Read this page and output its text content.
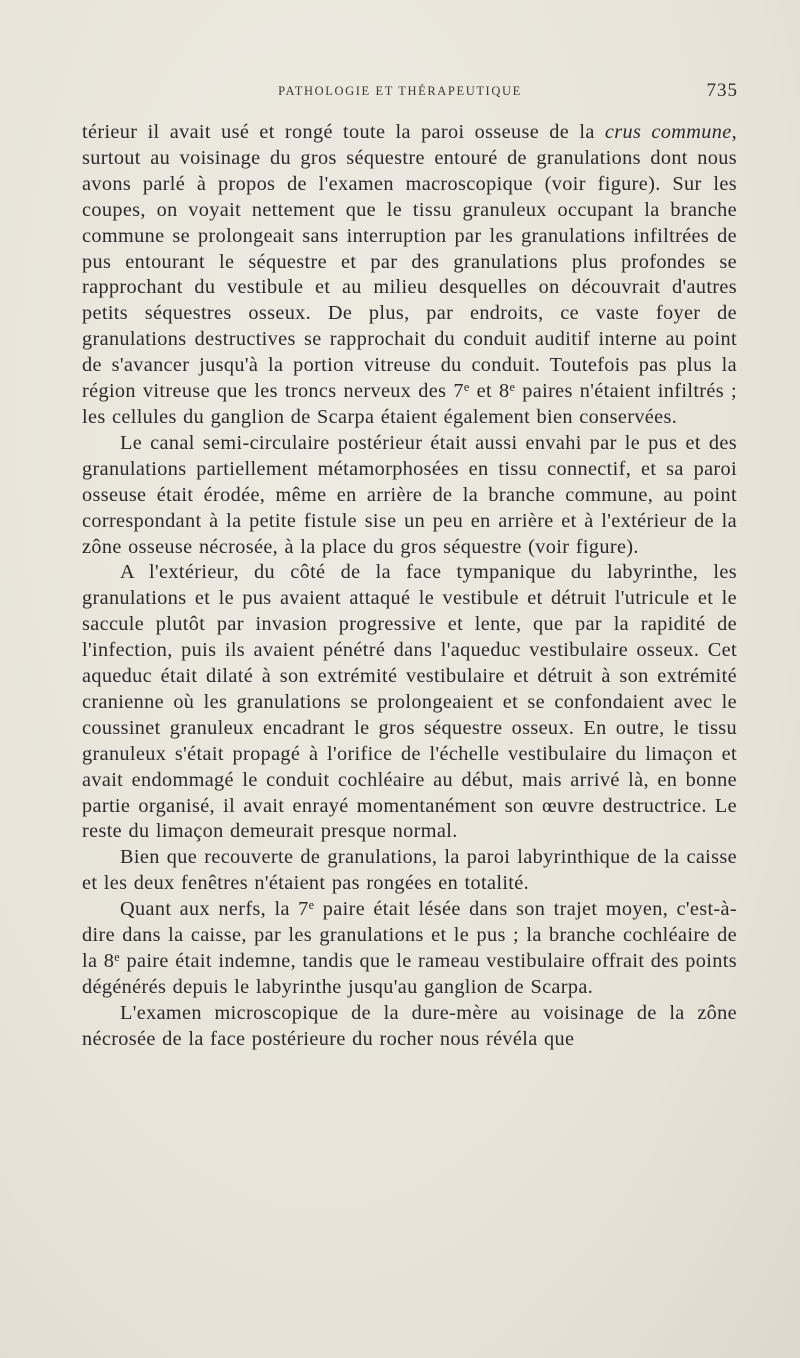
PATHOLOGIE ET THÉRAPEUTIQUE	735

térieur il avait usé et rongé toute la paroi osseuse de la crus commune, surtout au voisinage du gros séquestre entouré de granulations dont nous avons parlé à propos de l'examen macroscopique (voir figure). Sur les coupes, on voyait nettement que le tissu granuleux occupant la branche commune se prolongeait sans interruption par les granulations infiltrées de pus entourant le séquestre et par des granulations plus profondes se rapprochant du vestibule et au milieu desquelles on découvrait d'autres petits séquestres osseux. De plus, par endroits, ce vaste foyer de granulations destructives se rapprochait du conduit auditif interne au point de s'avancer jusqu'à la portion vitreuse du conduit. Toutefois pas plus la région vitreuse que les troncs nerveux des 7e et 8e paires n'étaient infiltrés ; les cellules du ganglion de Scarpa étaient également bien conservées.

Le canal semi-circulaire postérieur était aussi envahi par le pus et des granulations partiellement métamorphosées en tissu connectif, et sa paroi osseuse était érodée, même en arrière de la branche commune, au point correspondant à la petite fistule sise un peu en arrière et à l'extérieur de la zône osseuse nécrosée, à la place du gros séquestre (voir figure).

A l'extérieur, du côté de la face tympanique du labyrinthe, les granulations et le pus avaient attaqué le vestibule et détruit l'utricule et le saccule plutôt par invasion progressive et lente, que par la rapidité de l'infection, puis ils avaient pénétré dans l'aqueduc vestibulaire osseux. Cet aqueduc était dilaté à son extrémité vestibulaire et détruit à son extrémité cranienne où les granulations se prolongeaient et se confondaient avec le coussinet granuleux encadrant le gros séquestre osseux. En outre, le tissu granuleux s'était propagé à l'orifice de l'échelle vestibulaire du limaçon et avait endommagé le conduit cochléaire au début, mais arrivé là, en bonne partie organisé, il avait enrayé momentanément son œuvre destructrice. Le reste du limaçon demeurait presque normal.

Bien que recouverte de granulations, la paroi labyrinthique de la caisse et les deux fenêtres n'étaient pas rongées en totalité.

Quant aux nerfs, la 7e paire était lésée dans son trajet moyen, c'est-à-dire dans la caisse, par les granulations et le pus ; la branche cochléaire de la 8e paire était indemne, tandis que le rameau vestibulaire offrait des points dégénérés depuis le labyrinthe jusqu'au ganglion de Scarpa.

L'examen microscopique de la dure-mère au voisinage de la zône nécrosée de la face postérieure du rocher nous révéla que
